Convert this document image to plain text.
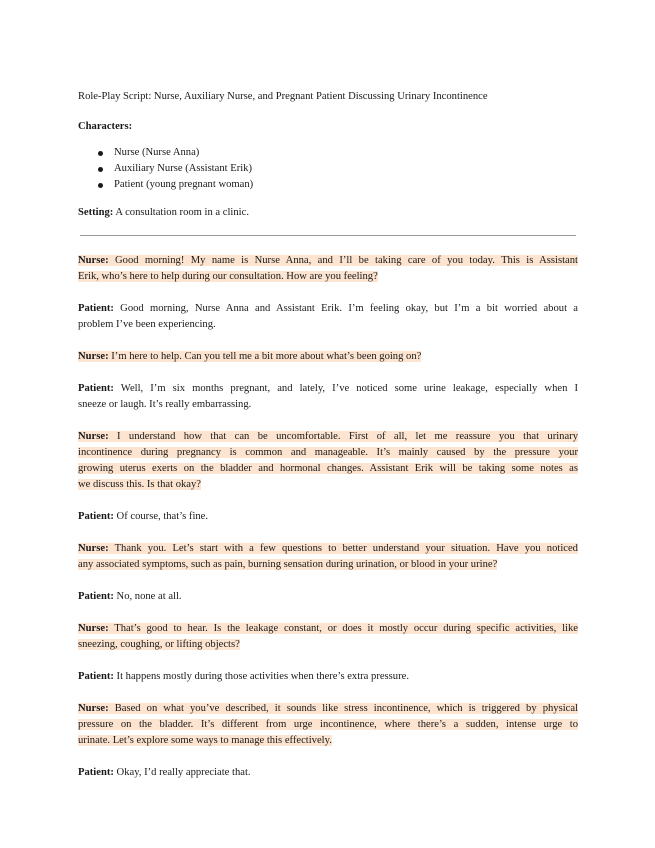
Role-Play Script: Nurse, Auxiliary Nurse, and Pregnant Patient Discussing Urinary Incontinence

Characters:
Nurse (Nurse Anna)
Auxiliary Nurse (Assistant Erik)
Patient (young pregnant woman)
Setting: A consultation room in a clinic.
Nurse: Good morning! My name is Nurse Anna, and I’ll be taking care of you today. This is Assistant
Erik, who’s here to help during our consultation. How are you feeling?
Patient: Good morning, Nurse Anna and Assistant Erik. I’m feeling okay, but I’m a bit worried about a
problem I’ve been experiencing.
Nurse: I’m here to help. Can you tell me a bit more about what’s been going on?
Patient: Well, I’m six months pregnant, and lately, I’ve noticed some urine leakage, especially when I
sneeze or laugh. It’s really embarrassing.
Nurse: I understand how that can be uncomfortable. First of all, let me reassure you that urinary
incontinence during pregnancy is common and manageable. It’s mainly caused by the pressure your
growing uterus exerts on the bladder and hormonal changes. Assistant Erik will be taking some notes as
we discuss this. Is that okay?
Patient: Of course, that’s fine.
Nurse: Thank you. Let’s start with a few questions to better understand your situation. Have you noticed
any associated symptoms, such as pain, burning sensation during urination, or blood in your urine?
Patient: No, none at all.
Nurse: That’s good to hear. Is the leakage constant, or does it mostly occur during specific activities, like
sneezing, coughing, or lifting objects?
Patient: It happens mostly during those activities when there’s extra pressure.
Nurse: Based on what you’ve described, it sounds like stress incontinence, which is triggered by physical
pressure on the bladder. It’s different from urge incontinence, where there’s a sudden, intense urge to
urinate. Let’s explore some ways to manage this effectively.
Patient: Okay, I’d really appreciate that.
